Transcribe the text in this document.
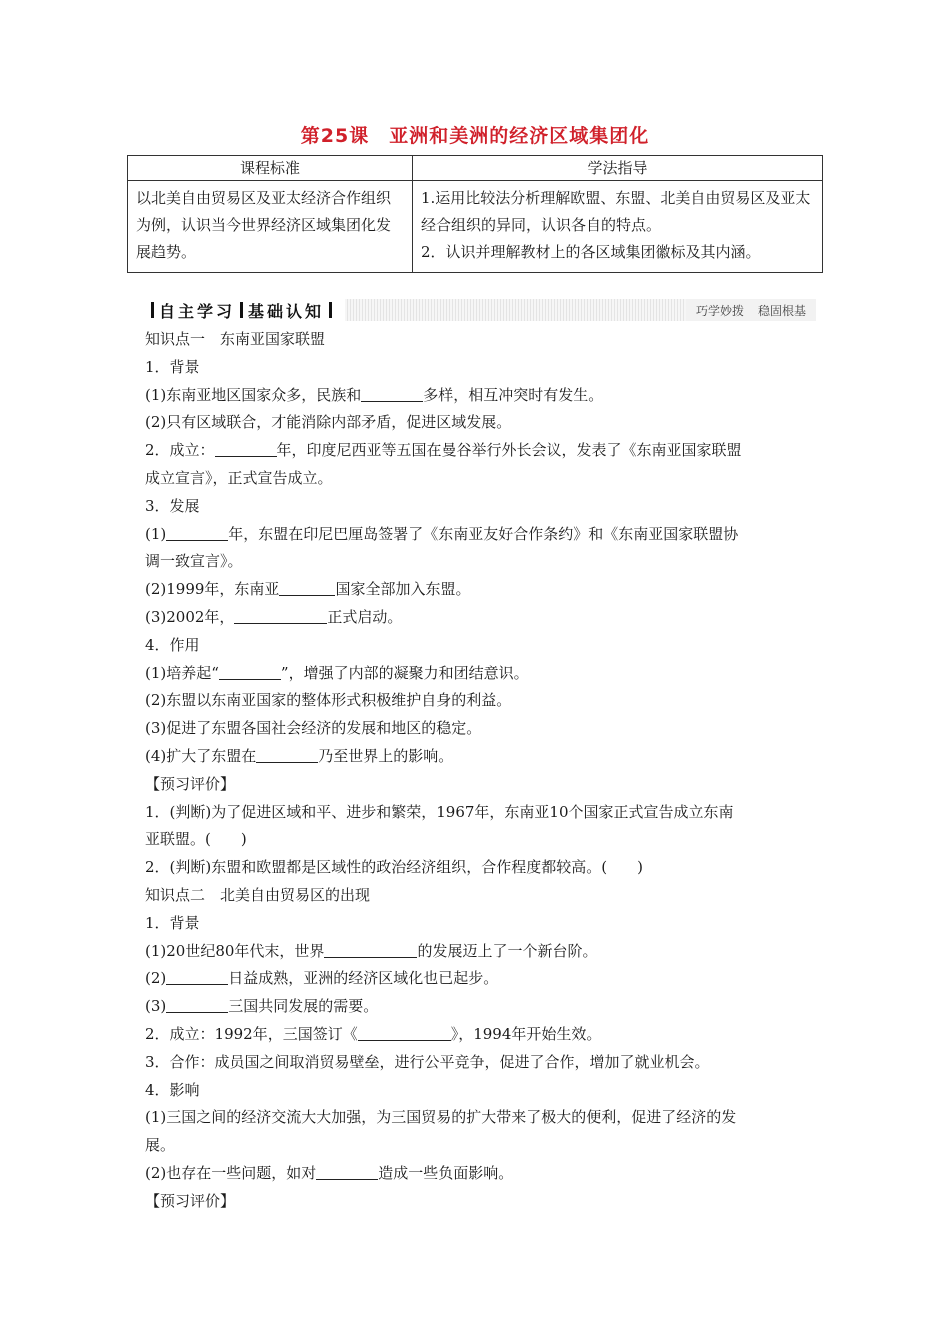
第25课　亚洲和美洲的经济区域集团化
课程标准	学法指导
以北美自由贸易区及亚太经济合作组织为例，认识当今世界经济区域集团化发展趋势。	1.运用比较法分析理解欧盟、东盟、北美自由贸易区及亚太经合组织的异同，认识各自的特点。
2．认识并理解教材上的各区域集团徽标及其内涵。
自主学习 基础认知	巧学妙拨 稳固根基

知识点一　东南亚国家联盟

1．背景

(1)东南亚地区国家众多，民族和	多样，相互冲突时有发生。

(2)只有区域联合，才能消除内部矛盾，促进区域发展。

2．成立：	年，印度尼西亚等五国在曼谷举行外长会议，发表了《东南亚国家联盟

成立宣言》，正式宣告成立。

3．发展

(1)	年，东盟在印尼巴厘岛签署了《东南亚友好合作条约》和《东南亚国家联盟协

调一致宣言》。

(2)1999年，东南亚	国家全部加入东盟。

(3)2002年，	正式启动。

4．作用

(1)培养起“	”，增强了内部的凝聚力和团结意识。

(2)东盟以东南亚国家的整体形式积极维护自身的利益。

(3)促进了东盟各国社会经济的发展和地区的稳定。

(4)扩大了东盟在	乃至世界上的影响。

【预习评价】

1．(判断)为了促进区域和平、进步和繁荣，1967年，东南亚10个国家正式宣告成立东南

亚联盟。(　　)

2．(判断)东盟和欧盟都是区域性的政治经济组织，合作程度都较高。(　　)

知识点二　北美自由贸易区的出现

1．背景

(1)20世纪80年代末，世界	的发展迈上了一个新台阶。

(2)	日益成熟，亚洲的经济区域化也已起步。

(3)	三国共同发展的需要。

2．成立：1992年，三国签订《	》，1994年开始生效。

3．合作：成员国之间取消贸易壁垒，进行公平竞争，促进了合作，增加了就业机会。

4．影响

(1)三国之间的经济交流大大加强，为三国贸易的扩大带来了极大的便利，促进了经济的发

展。

(2)也存在一些问题，如对	造成一些负面影响。

【预习评价】
